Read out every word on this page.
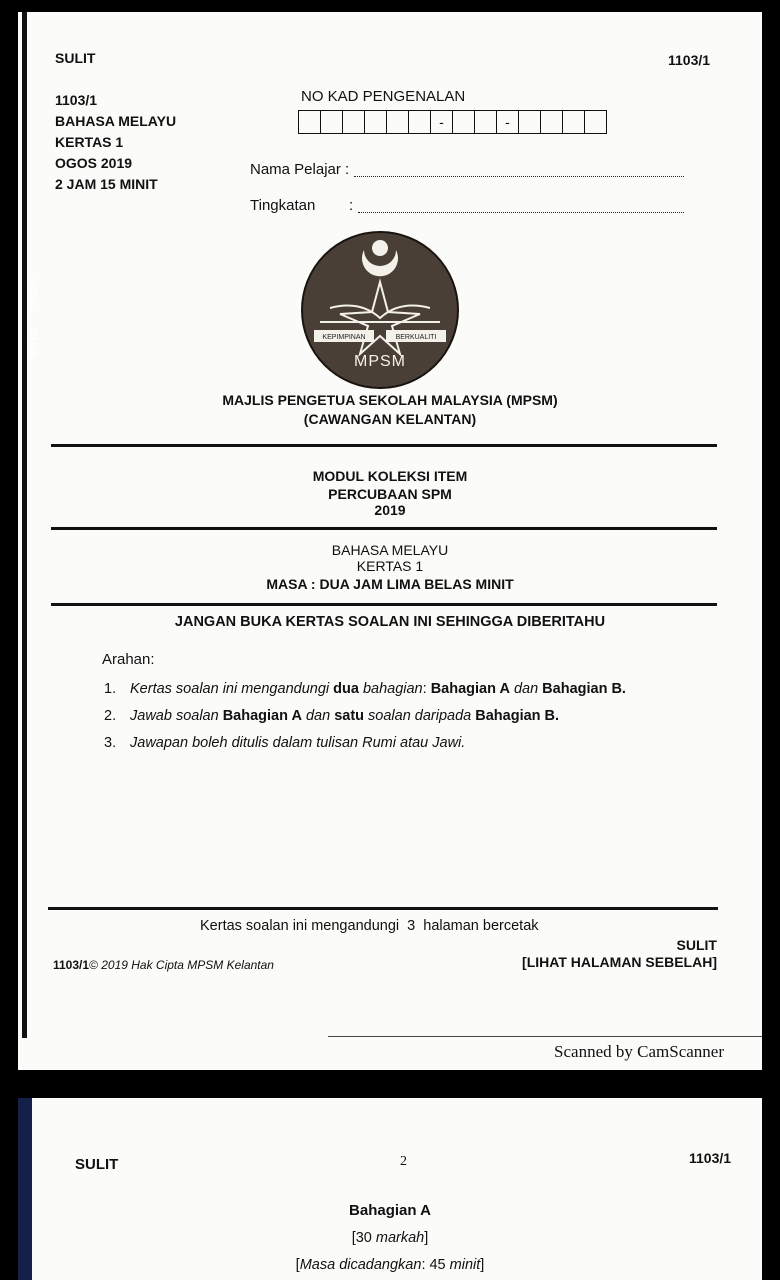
SULIT	1103/1
1103/1
BAHASA MELAYU
KERTAS 1
OGOS 2019
2 JAM 15 MINIT
NO KAD PENGENALAN
-	-
Nama Pelajar :
Tingkatan :
TING 5
BM K1	KEPIMPINAN	BERKUALITI
MPSM
MAJLIS PENGETUA SEKOLAH MALAYSIA (MPSM)
(CAWANGAN KELANTAN)
MODUL KOLEKSI ITEM
PERCUBAAN SPM
2019
BAHASA MELAYU
KERTAS 1
MASA : DUA JAM LIMA BELAS MINIT
JANGAN BUKA KERTAS SOALAN INI SEHINGGA DIBERITAHU
Arahan:
1. Kertas soalan ini mengandungi dua bahagian: Bahagian A dan Bahagian B.
2. Jawab soalan Bahagian A dan satu soalan daripada Bahagian B.
3. Jawapan boleh ditulis dalam tulisan Rumi atau Jawi.
Kertas soalan ini mengandungi 3 halaman bercetak
SULIT
1103/1© 2019 Hak Cipta MPSM Kelantan	[LIHAT HALAMAN SEBELAH]
Scanned by CamScanner
SULIT	2	1103/1
Bahagian A
[30 markah]
[Masa dicadangkan: 45 minit]
